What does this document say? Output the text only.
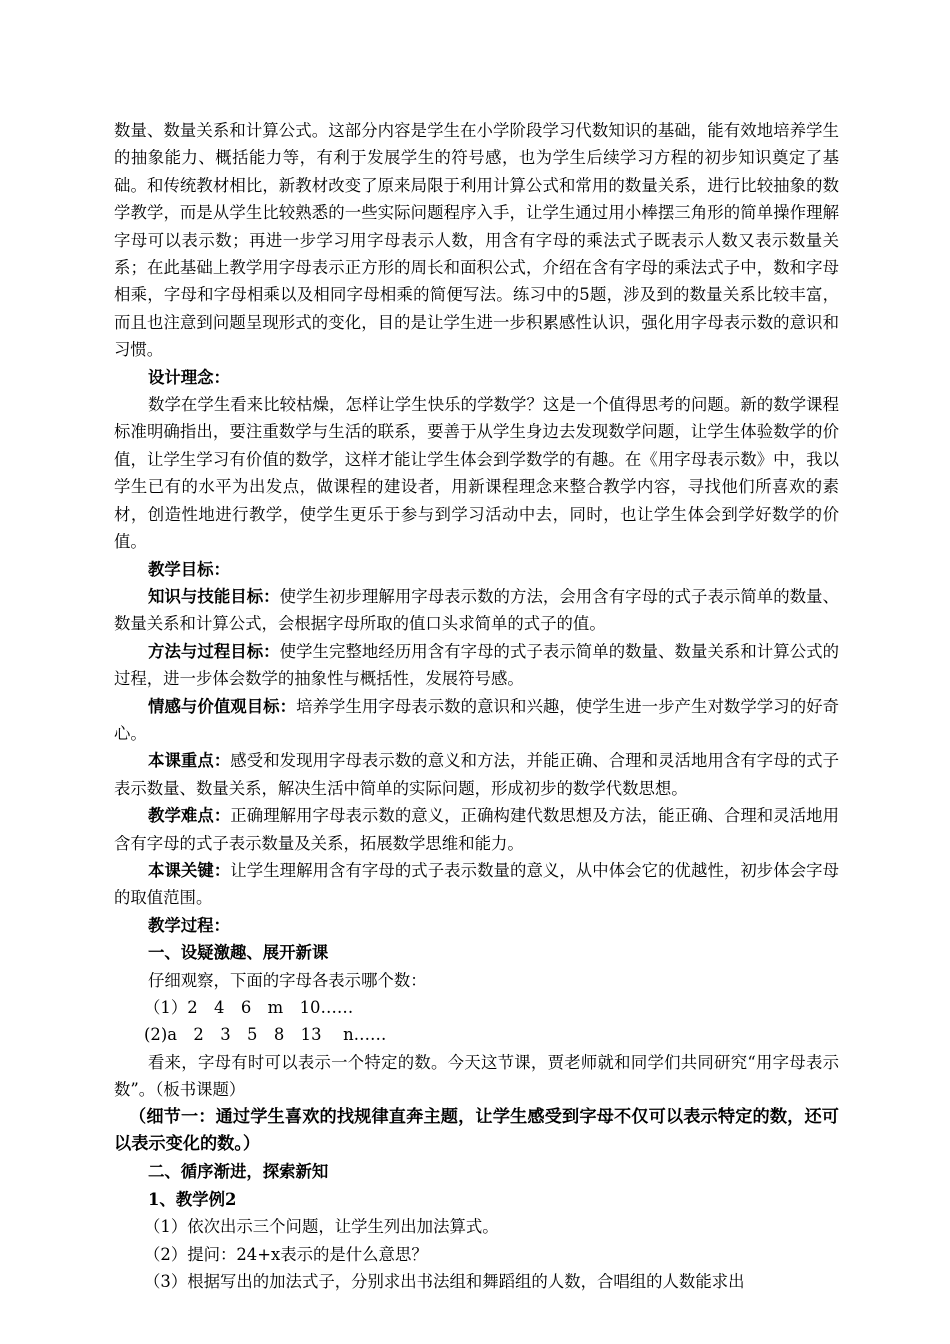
数量、数量关系和计算公式。这部分内容是学生在小学阶段学习代数知识的基础，能有效地培养学生的抽象能力、概括能力等，有利于发展学生的符号感，也为学生后续学习方程的初步知识奠定了基础。和传统教材相比，新教材改变了原来局限于利用计算公式和常用的数量关系，进行比较抽象的数学教学，而是从学生比较熟悉的一些实际问题程序入手，让学生通过用小棒摆三角形的简单操作理解字母可以表示数；再进一步学习用字母表示人数，用含有字母的乘法式子既表示人数又表示数量关系；在此基础上教学用字母表示正方形的周长和面积公式，介绍在含有字母的乘法式子中，数和字母相乘，字母和字母相乘以及相同字母相乘的简便写法。练习中的5题，涉及到的数量关系比较丰富，而且也注意到问题呈现形式的变化，目的是让学生进一步积累感性认识，强化用字母表示数的意识和习惯。

设计理念：

数学在学生看来比较枯燥，怎样让学生快乐的学数学？这是一个值得思考的问题。新的数学课程标准明确指出，要注重数学与生活的联系，要善于从学生身边去发现数学问题，让学生体验数学的价值，让学生学习有价值的数学，这样才能让学生体会到学数学的有趣。在《用字母表示数》中，我以学生已有的水平为出发点，做课程的建设者，用新课程理念来整合教学内容，寻找他们所喜欢的素材，创造性地进行教学，使学生更乐于参与到学习活动中去，同时，也让学生体会到学好数学的价值。

教学目标：

知识与技能目标：使学生初步理解用字母表示数的方法，会用含有字母的式子表示简单的数量、数量关系和计算公式，会根据字母所取的值口头求简单的式子的值。

方法与过程目标：使学生完整地经历用含有字母的式子表示简单的数量、数量关系和计算公式的过程，进一步体会数学的抽象性与概括性，发展符号感。

情感与价值观目标：培养学生用字母表示数的意识和兴趣，使学生进一步产生对数学学习的好奇心。

本课重点：感受和发现用字母表示数的意义和方法，并能正确、合理和灵活地用含有字母的式子表示数量、数量关系，解决生活中简单的实际问题，形成初步的数学代数思想。

教学难点：正确理解用字母表示数的意义，正确构建代数思想及方法，能正确、合理和灵活地用含有字母的式子表示数量及关系，拓展数学思维和能力。

本课关键：让学生理解用含有字母的式子表示数量的意义，从中体会它的优越性，初步体会字母的取值范围。

教学过程：

一、设疑激趣、展开新课

仔细观察，下面的字母各表示哪个数：

（1）2　4　6　m　10……

(2)a　2　3　5　8　13　 n……

看来，字母有时可以表示一个特定的数。今天这节课，贾老师就和同学们共同研究“用字母表示数”。（板书课题）

（细节一：通过学生喜欢的找规律直奔主题，让学生感受到字母不仅可以表示特定的数，还可以表示变化的数。）

二、循序渐进，探索新知

1、教学例2

（1）依次出示三个问题，让学生列出加法算式。

（2）提问：24+x表示的是什么意思？

（3）根据写出的加法式子，分别求出书法组和舞蹈组的人数，合唱组的人数能求出
